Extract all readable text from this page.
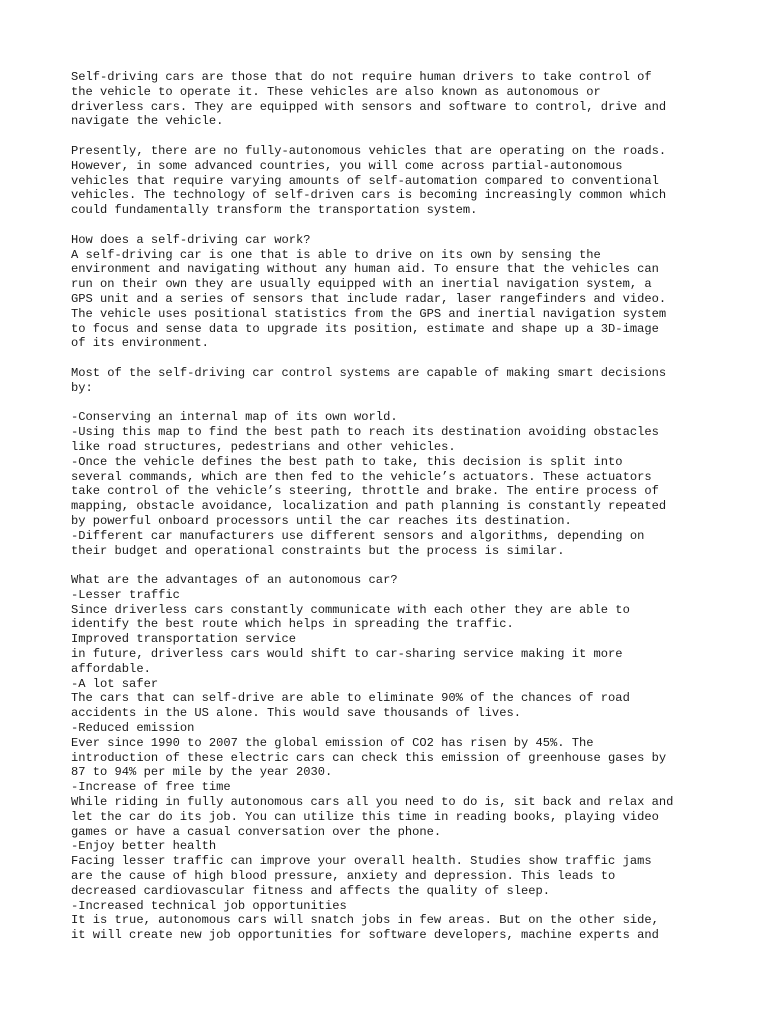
Self-driving cars are those that do not require human drivers to take control of
the vehicle to operate it. These vehicles are also known as autonomous or
driverless cars. They are equipped with sensors and software to control, drive and
navigate the vehicle.

Presently, there are no fully-autonomous vehicles that are operating on the roads.
However, in some advanced countries, you will come across partial-autonomous
vehicles that require varying amounts of self-automation compared to conventional
vehicles. The technology of self-driven cars is becoming increasingly common which
could fundamentally transform the transportation system.

How does a self-driving car work?
A self-driving car is one that is able to drive on its own by sensing the
environment and navigating without any human aid. To ensure that the vehicles can
run on their own they are usually equipped with an inertial navigation system, a
GPS unit and a series of sensors that include radar, laser rangefinders and video.
The vehicle uses positional statistics from the GPS and inertial navigation system
to focus and sense data to upgrade its position, estimate and shape up a 3D-image
of its environment.

Most of the self-driving car control systems are capable of making smart decisions
by:

-Conserving an internal map of its own world.
-Using this map to find the best path to reach its destination avoiding obstacles
like road structures, pedestrians and other vehicles.
-Once the vehicle defines the best path to take, this decision is split into
several commands, which are then fed to the vehicle’s actuators. These actuators
take control of the vehicle’s steering, throttle and brake. The entire process of
mapping, obstacle avoidance, localization and path planning is constantly repeated
by powerful onboard processors until the car reaches its destination.
-Different car manufacturers use different sensors and algorithms, depending on
their budget and operational constraints but the process is similar.

What are the advantages of an autonomous car?
-Lesser traffic
Since driverless cars constantly communicate with each other they are able to
identify the best route which helps in spreading the traffic.
Improved transportation service
in future, driverless cars would shift to car-sharing service making it more
affordable.
-A lot safer
The cars that can self-drive are able to eliminate 90% of the chances of road
accidents in the US alone. This would save thousands of lives.
-Reduced emission
Ever since 1990 to 2007 the global emission of CO2 has risen by 45%. The
introduction of these electric cars can check this emission of greenhouse gases by
87 to 94% per mile by the year 2030.
-Increase of free time
While riding in fully autonomous cars all you need to do is, sit back and relax and
let the car do its job. You can utilize this time in reading books, playing video
games or have a casual conversation over the phone.
-Enjoy better health
Facing lesser traffic can improve your overall health. Studies show traffic jams
are the cause of high blood pressure, anxiety and depression. This leads to
decreased cardiovascular fitness and affects the quality of sleep.
-Increased technical job opportunities
It is true, autonomous cars will snatch jobs in few areas. But on the other side,
it will create new job opportunities for software developers, machine experts and
